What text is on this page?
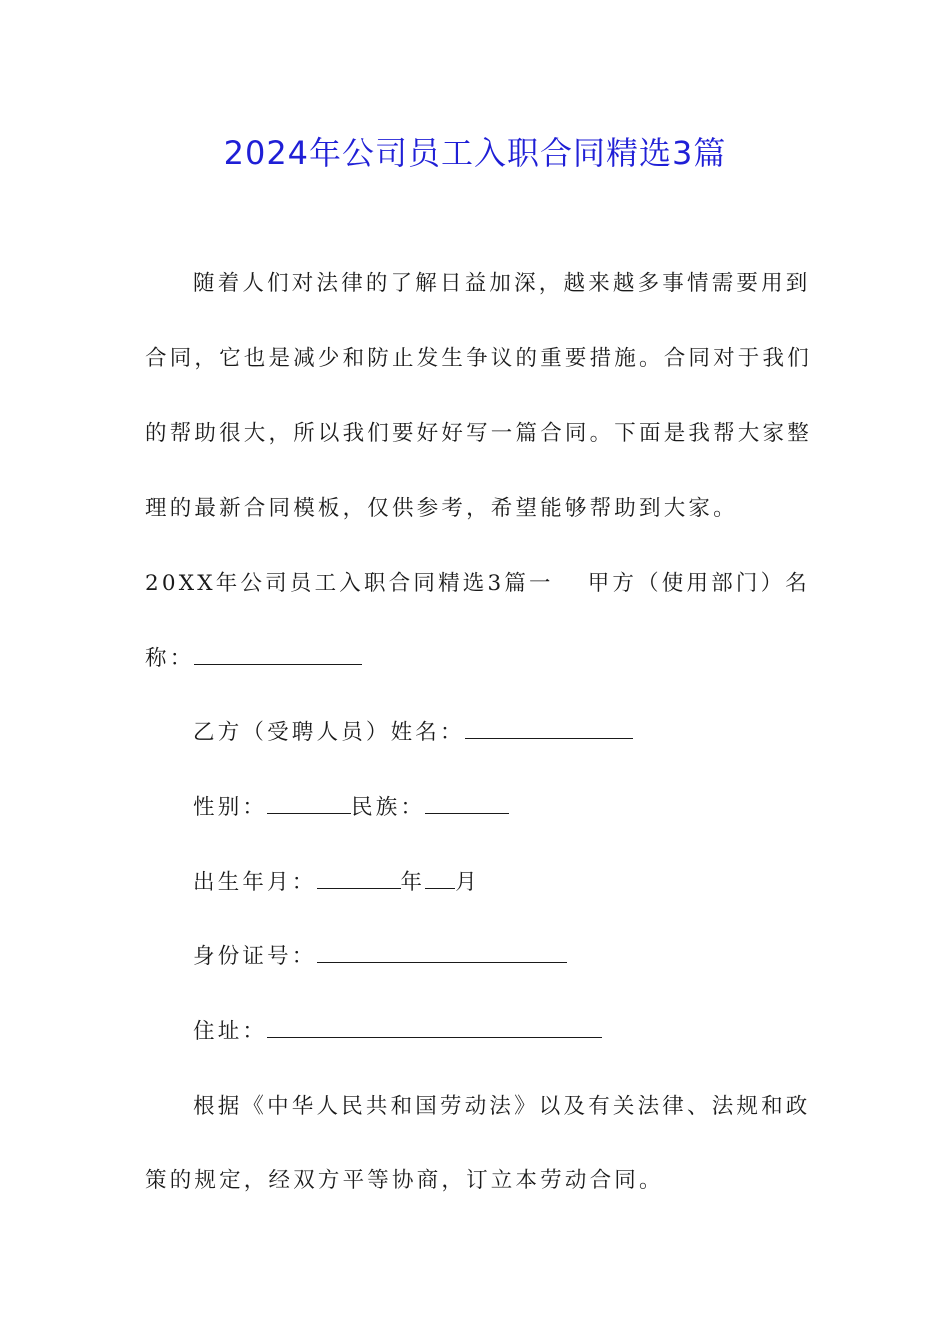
2024年公司员工入职合同精选3篇
随着人们对法律的了解日益加深，越来越多事情需要用到
合同，它也是减少和防止发生争议的重要措施。合同对于我们
的帮助很大，所以我们要好好写一篇合同。下面是我帮大家整
理的最新合同模板，仅供参考，希望能够帮助到大家。
20XX年公司员工入职合同精选3篇一 甲方（使用部门）名
称：
乙方（受聘人员）姓名：
性别：	民族：
出生年月：	年 月
身份证号：
住址：
根据《中华人民共和国劳动法》以及有关法律、法规和政
策的规定，经双方平等协商，订立本劳动合同。
